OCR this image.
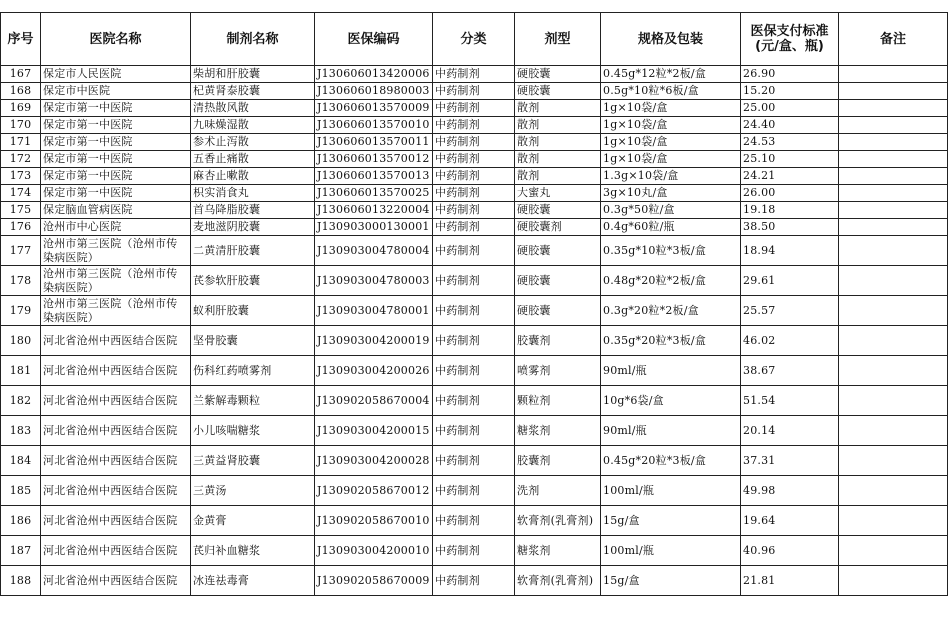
序号	医院名称	制剂名称	医保编码	分类	剂型	规格及包装	医保支付标准(元/盒、瓶)	备注
167	保定市人民医院	柴胡和肝胶囊	J130606013420006	中药制剂	硬胶囊	0.45g*12粒*2板/盒	26.90	
168	保定市中医院	杞黄肾泰胶囊	J130606018980003	中药制剂	硬胶囊	0.5g*10粒*6板/盒	15.20	
169	保定市第一中医院	清热散风散	J130606013570009	中药制剂	散剂	1g×10袋/盒	25.00	
170	保定市第一中医院	九味燥湿散	J130606013570010	中药制剂	散剂	1g×10袋/盒	24.40	
171	保定市第一中医院	参术止泻散	J130606013570011	中药制剂	散剂	1g×10袋/盒	24.53	
172	保定市第一中医院	五香止痛散	J130606013570012	中药制剂	散剂	1g×10袋/盒	25.10	
173	保定市第一中医院	麻杏止嗽散	J130606013570013	中药制剂	散剂	1.3g×10袋/盒	24.21	
174	保定市第一中医院	枳实消食丸	J130606013570025	中药制剂	大蜜丸	3g×10丸/盒	26.00	
175	保定脑血管病医院	首乌降脂胶囊	J130606013220004	中药制剂	硬胶囊	0.3g*50粒/盒	19.18	
176	沧州市中心医院	麦地滋阴胶囊	J130903000130001	中药制剂	硬胶囊剂	0.4g*60粒/瓶	38.50	
177	沧州市第三医院（沧州市传染病医院）	二黄清肝胶囊	J130903004780004	中药制剂	硬胶囊	0.35g*10粒*3板/盒	18.94	
178	沧州市第三医院（沧州市传染病医院）	芪参软肝胶囊	J130903004780003	中药制剂	硬胶囊	0.48g*20粒*2板/盒	29.61	
179	沧州市第三医院（沧州市传染病医院）	蚁利肝胶囊	J130903004780001	中药制剂	硬胶囊	0.3g*20粒*2板/盒	25.57	
180	河北省沧州中西医结合医院	坚骨胶囊	J130903004200019	中药制剂	胶囊剂	0.35g*20粒*3板/盒	46.02	
181	河北省沧州中西医结合医院	伤科红药喷雾剂	J130903004200026	中药制剂	喷雾剂	90ml/瓶	38.67	
182	河北省沧州中西医结合医院	兰紫解毒颗粒	J130902058670004	中药制剂	颗粒剂	10g*6袋/盒	51.54	
183	河北省沧州中西医结合医院	小儿咳喘糖浆	J130903004200015	中药制剂	糖浆剂	90ml/瓶	20.14	
184	河北省沧州中西医结合医院	三黄益肾胶囊	J130903004200028	中药制剂	胶囊剂	0.45g*20粒*3板/盒	37.31	
185	河北省沧州中西医结合医院	三黄汤	J130902058670012	中药制剂	洗剂	100ml/瓶	49.98	
186	河北省沧州中西医结合医院	金黄膏	J130902058670010	中药制剂	软膏剂(乳膏剂)	15g/盒	19.64	
187	河北省沧州中西医结合医院	芪归补血糖浆	J130903004200010	中药制剂	糖浆剂	100ml/瓶	40.96	
188	河北省沧州中西医结合医院	冰连祛毒膏	J130902058670009	中药制剂	软膏剂(乳膏剂)	15g/盒	21.81	
